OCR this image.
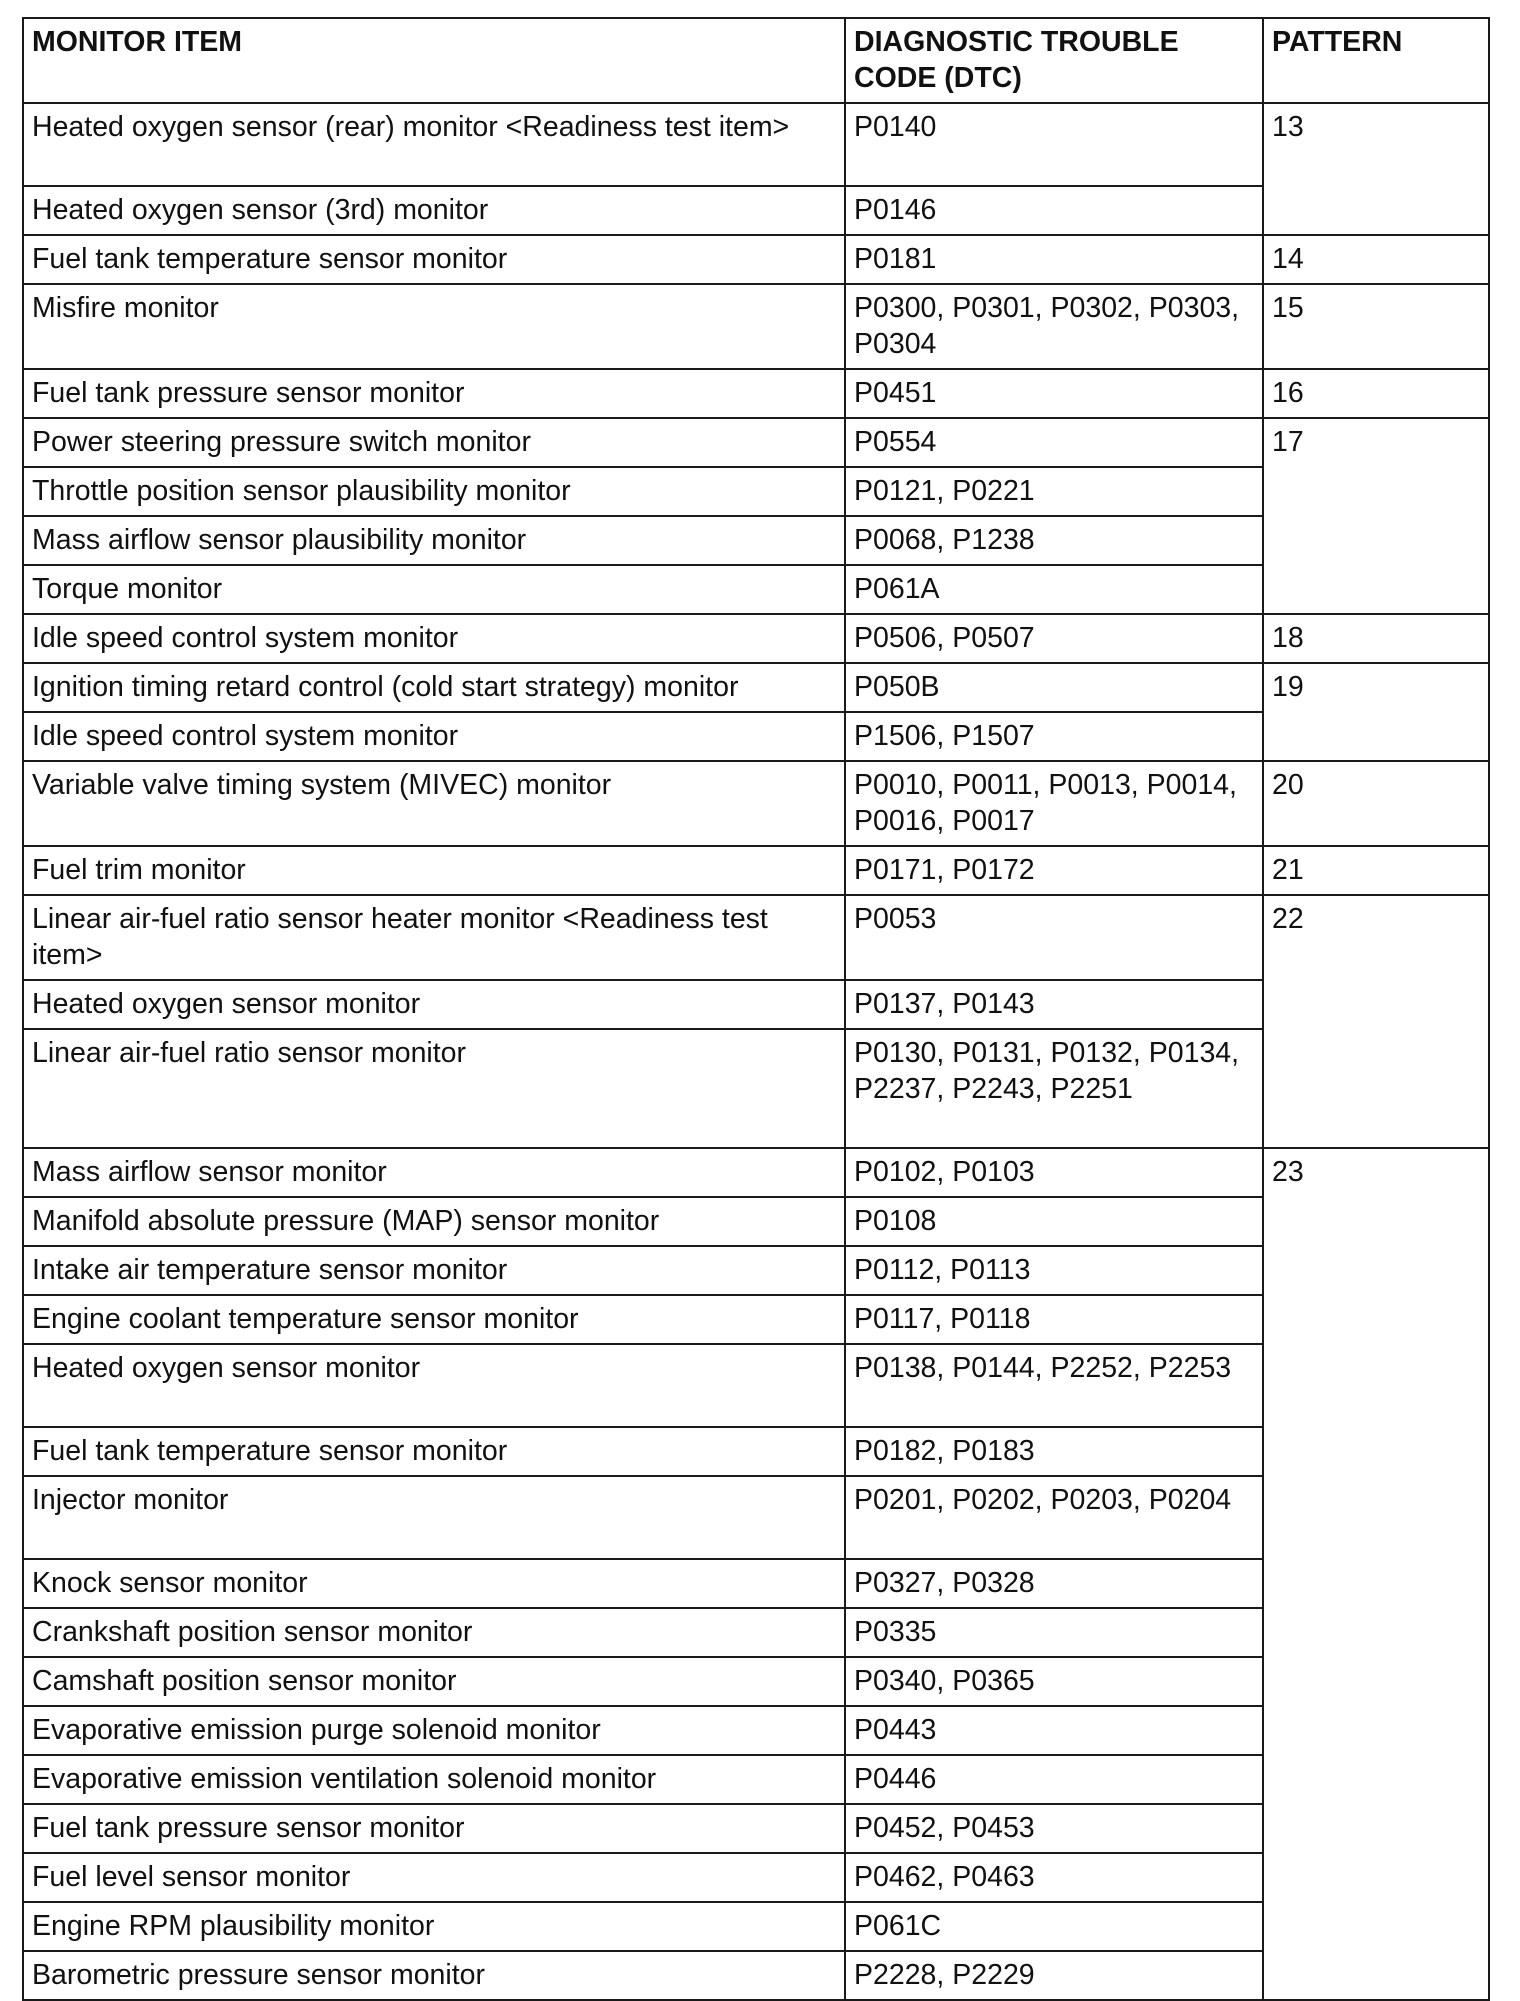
MONITOR ITEM	DIAGNOSTIC TROUBLE CODE (DTC)	PATTERN
Heated oxygen sensor (rear) monitor <Readiness test item>	P0140	13
Heated oxygen sensor (3rd) monitor	P0146	
Fuel tank temperature sensor monitor	P0181	14
Misfire monitor	P0300, P0301, P0302, P0303, P0304	15
Fuel tank pressure sensor monitor	P0451	16
Power steering pressure switch monitor	P0554	17
Throttle position sensor plausibility monitor	P0121, P0221	
Mass airflow sensor plausibility monitor	P0068, P1238	
Torque monitor	P061A	
Idle speed control system monitor	P0506, P0507	18
Ignition timing retard control (cold start strategy) monitor	P050B	19
Idle speed control system monitor	P1506, P1507	
Variable valve timing system (MIVEC) monitor	P0010, P0011, P0013, P0014, P0016, P0017	20
Fuel trim monitor	P0171, P0172	21
Linear air-fuel ratio sensor heater monitor <Readiness test item>	P0053	22
Heated oxygen sensor monitor	P0137, P0143	
Linear air-fuel ratio sensor monitor	P0130, P0131, P0132, P0134, P2237, P2243, P2251	
Mass airflow sensor monitor	P0102, P0103	23
Manifold absolute pressure (MAP) sensor monitor	P0108	
Intake air temperature sensor monitor	P0112, P0113	
Engine coolant temperature sensor monitor	P0117, P0118	
Heated oxygen sensor monitor	P0138, P0144, P2252, P2253	
Fuel tank temperature sensor monitor	P0182, P0183	
Injector monitor	P0201, P0202, P0203, P0204	
Knock sensor monitor	P0327, P0328	
Crankshaft position sensor monitor	P0335	
Camshaft position sensor monitor	P0340, P0365	
Evaporative emission purge solenoid monitor	P0443	
Evaporative emission ventilation solenoid monitor	P0446	
Fuel tank pressure sensor monitor	P0452, P0453	
Fuel level sensor monitor	P0462, P0463	
Engine RPM plausibility monitor	P061C	
Barometric pressure sensor monitor	P2228, P2229	
